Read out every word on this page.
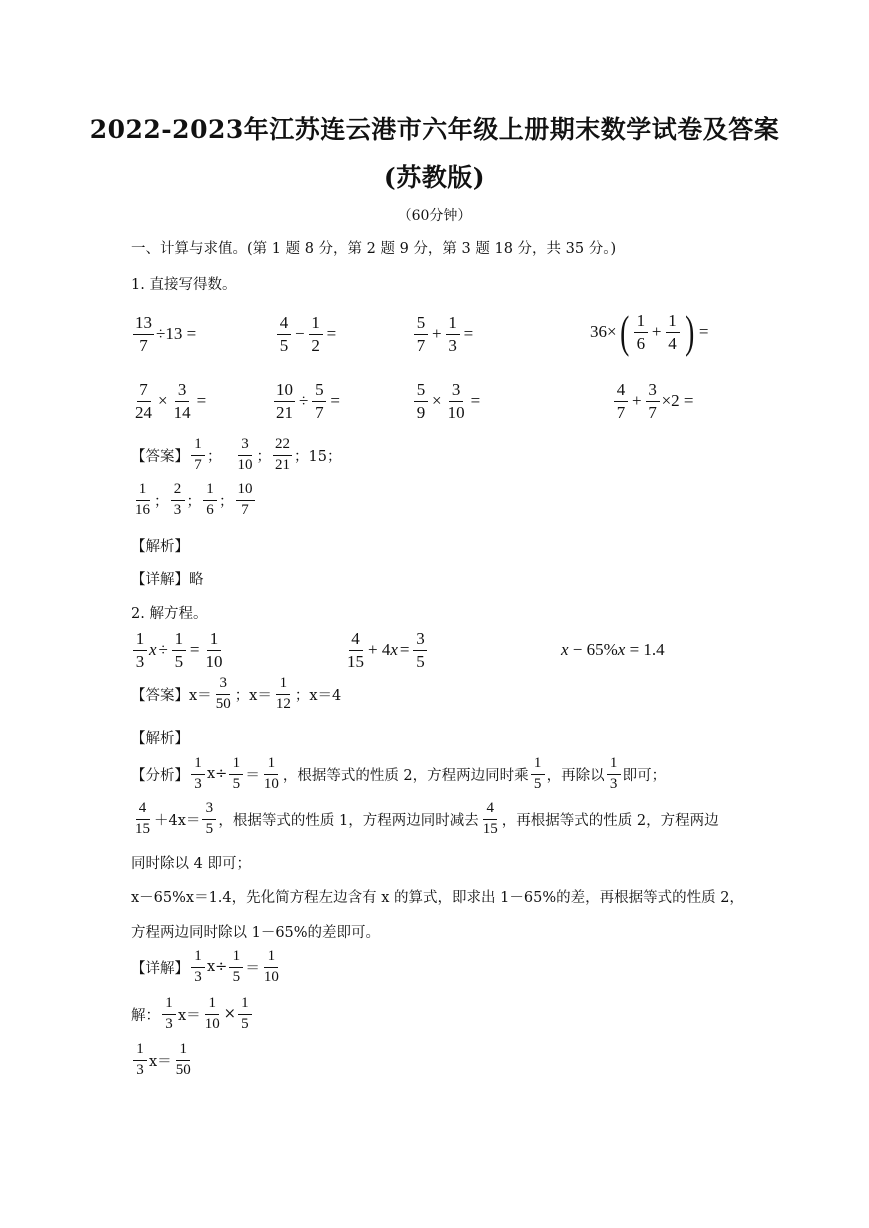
2022-2023年江苏连云港市六年级上册期末数学试卷及答案
(苏教版)
（60分钟）
一、计算与求值。(第 1 题 8 分，第 2 题 9 分，第 3 题 18 分，共 35 分。)
1. 直接写得数。
$\frac{13}{7} \div 13$ =	$\frac{4}{5} - \frac{1}{2}$ =	$\frac{5}{7} + \frac{1}{3}$ =	36× ( $\frac{1}{6} + \frac{1}{4}$ ) =
$\frac{7}{24} \times \frac{3}{14}$ =	$\frac{10}{21} \div \frac{5}{7}$ =	$\frac{5}{9} \times \frac{3}{10}$ =	$\frac{4}{7} + \frac{3}{7} \times 2$ =
【答案】 $\frac{1}{7}$ ； $\frac{3}{10}$ ； $\frac{22}{21}$ ； 15；
$\frac{1}{16}$ ； $\frac{2}{3}$ ； $\frac{1}{6}$ ； $\frac{10}{7}$
【解析】
【详解】略
2. 解方程。
$\frac{1}{3}$ $x \div \frac{1}{5} = \frac{1}{10}$	$\frac{4}{15} + 4$ $x = \frac{3}{5}$	x − 65% x = 1.4
【答案】 $x= \frac{3}{50}$ ；$x= \frac{1}{12}$ ；x＝4
【解析】
【分析】 $\frac{1}{3} x\div \frac{1}{5} = \frac{1}{10}$ ，根据等式的性质 2，方程两边同时乘 $\frac{1}{5}$ ，再除以 $\frac{1}{3}$ 即可；
$\frac{4}{15} +4x= \frac{3}{5}$ ，根据等式的性质 1，方程两边同时减去 $\frac{4}{15}$ ，再根据等式的性质 2，方程两边
同时除以 4 即可；
x－65%x＝1.4，先化简方程左边含有 x 的算式，即求出 1－65%的差，再根据等式的性质 2，
方程两边同时除以 1－65%的差即可。
【详解】 $\frac{1}{3} x\div \frac{1}{5} = \frac{1}{10}$
解： $\frac{1}{3} x= \frac{1}{10} \times \frac{1}{5}$
$\frac{1}{3} x= \frac{1}{50}$
